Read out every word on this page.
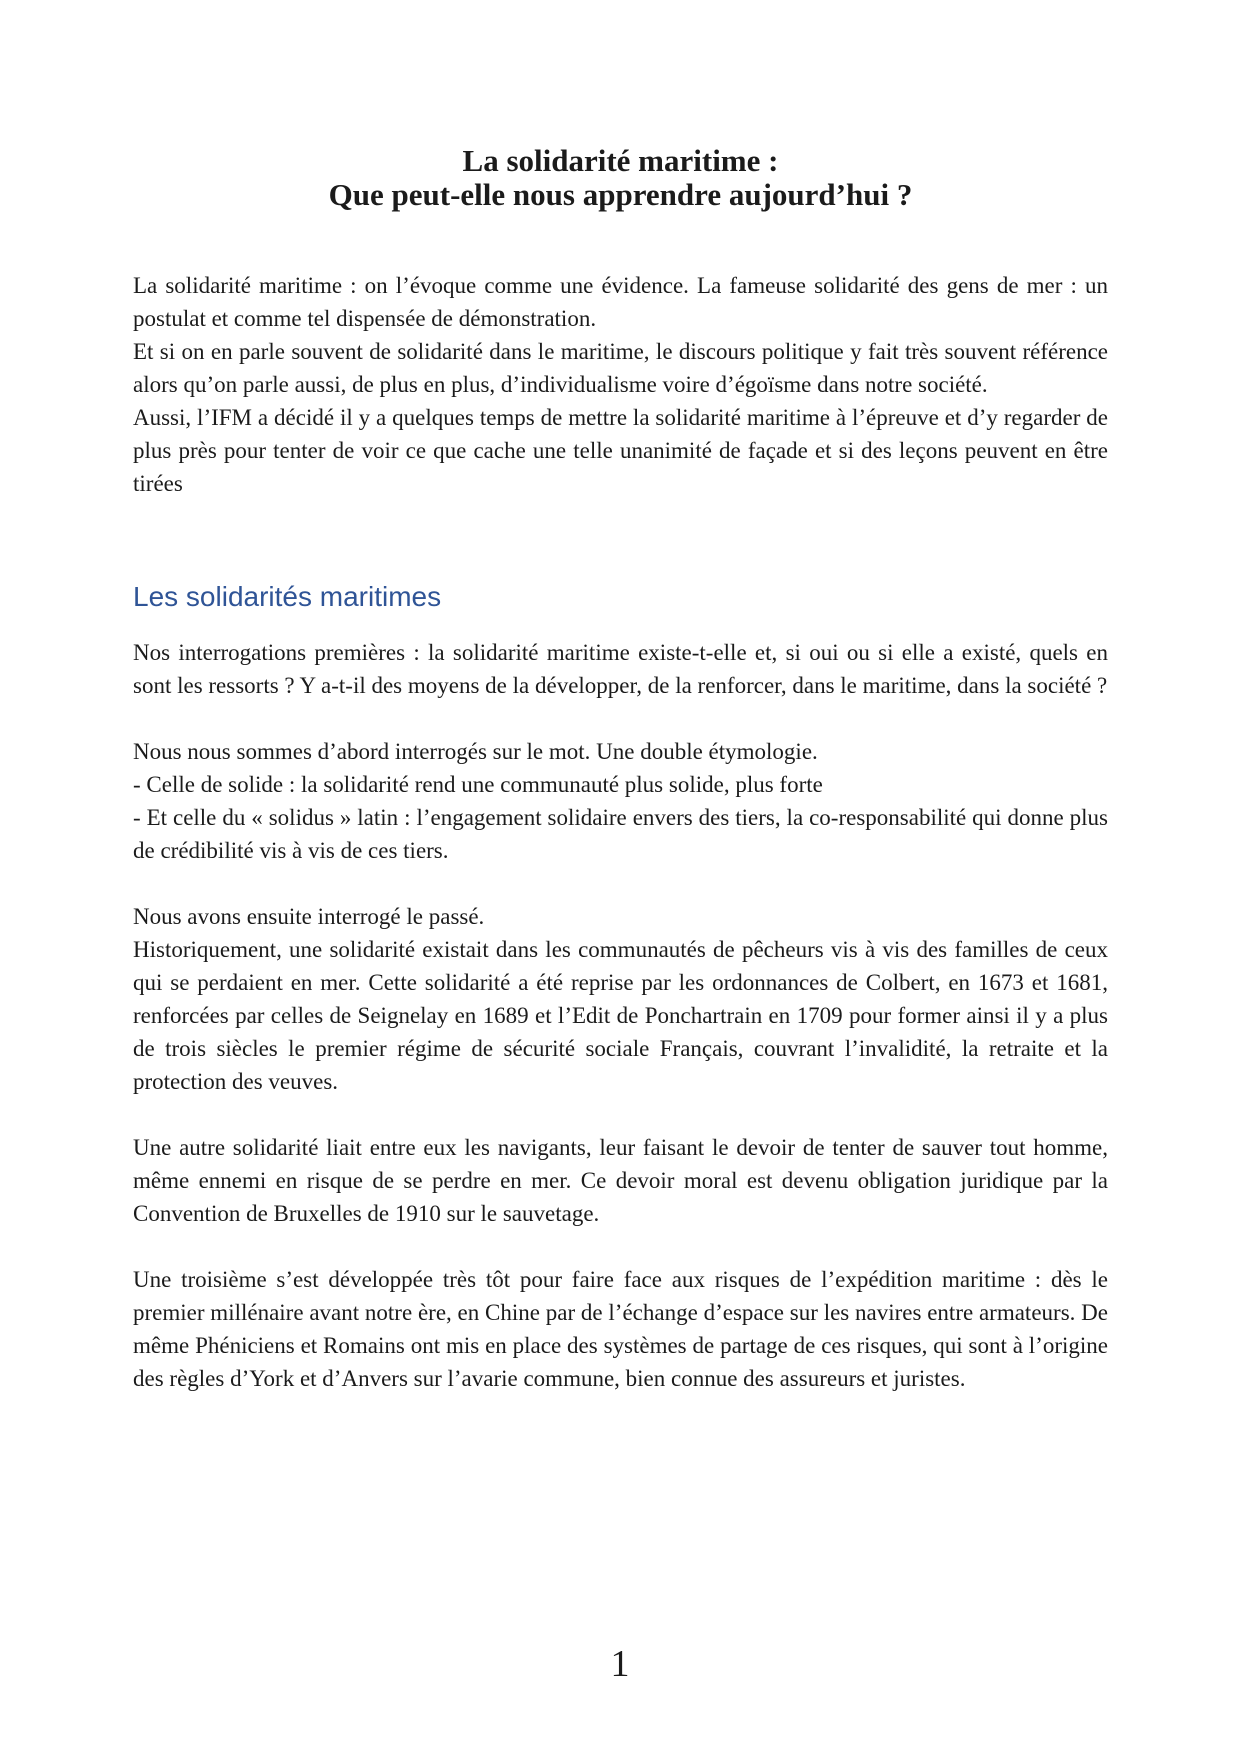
La solidarité maritime :
Que peut-elle nous apprendre aujourd’hui ?

La solidarité maritime : on l’évoque comme une évidence. La fameuse solidarité des gens de mer : un postulat et comme tel dispensée de démonstration.

Et si on en parle souvent de solidarité dans le maritime, le discours politique y fait très souvent référence alors qu’on parle aussi, de plus en plus, d’individualisme voire d’égoïsme dans notre société.

Aussi, l’IFM a décidé il y a quelques temps de mettre la solidarité maritime à l’épreuve et d’y regarder de plus près pour tenter de voir ce que cache une telle unanimité de façade et si des leçons peuvent en être tirées

Les solidarités maritimes

Nos interrogations premières : la solidarité maritime existe-t-elle et, si oui ou si elle a existé, quels en sont les ressorts ? Y a-t-il des moyens de la développer, de la renforcer, dans le maritime, dans la société ?

Nous nous sommes d’abord interrogés sur le mot. Une double étymologie.

- Celle de solide : la solidarité rend une communauté plus solide, plus forte

- Et celle du « solidus » latin : l’engagement solidaire envers des tiers, la co-responsabilité qui donne plus de crédibilité vis à vis de ces tiers.

Nous avons ensuite interrogé le passé.

Historiquement, une solidarité existait dans les communautés de pêcheurs vis à vis des familles de ceux qui se perdaient en mer. Cette solidarité a été reprise par les ordonnances de Colbert, en 1673 et 1681, renforcées par celles de Seignelay en 1689 et l’Edit de Ponchartrain en 1709 pour former ainsi il y a plus de trois siècles le premier régime de sécurité sociale Français, couvrant l’invalidité, la retraite et la protection des veuves.

Une autre solidarité liait entre eux les navigants, leur faisant le devoir de tenter de sauver tout homme, même ennemi en risque de se perdre en mer. Ce devoir moral est devenu obligation juridique par la Convention de Bruxelles de 1910 sur le sauvetage.

Une troisième s’est développée très tôt pour faire face aux risques de l’expédition maritime : dès le premier millénaire avant notre ère, en Chine par de l’échange d’espace sur les navires entre armateurs. De même Phéniciens et Romains ont mis en place des systèmes de partage de ces risques, qui sont à l’origine des règles d’York et d’Anvers sur l’avarie commune, bien connue des assureurs et juristes.

1
